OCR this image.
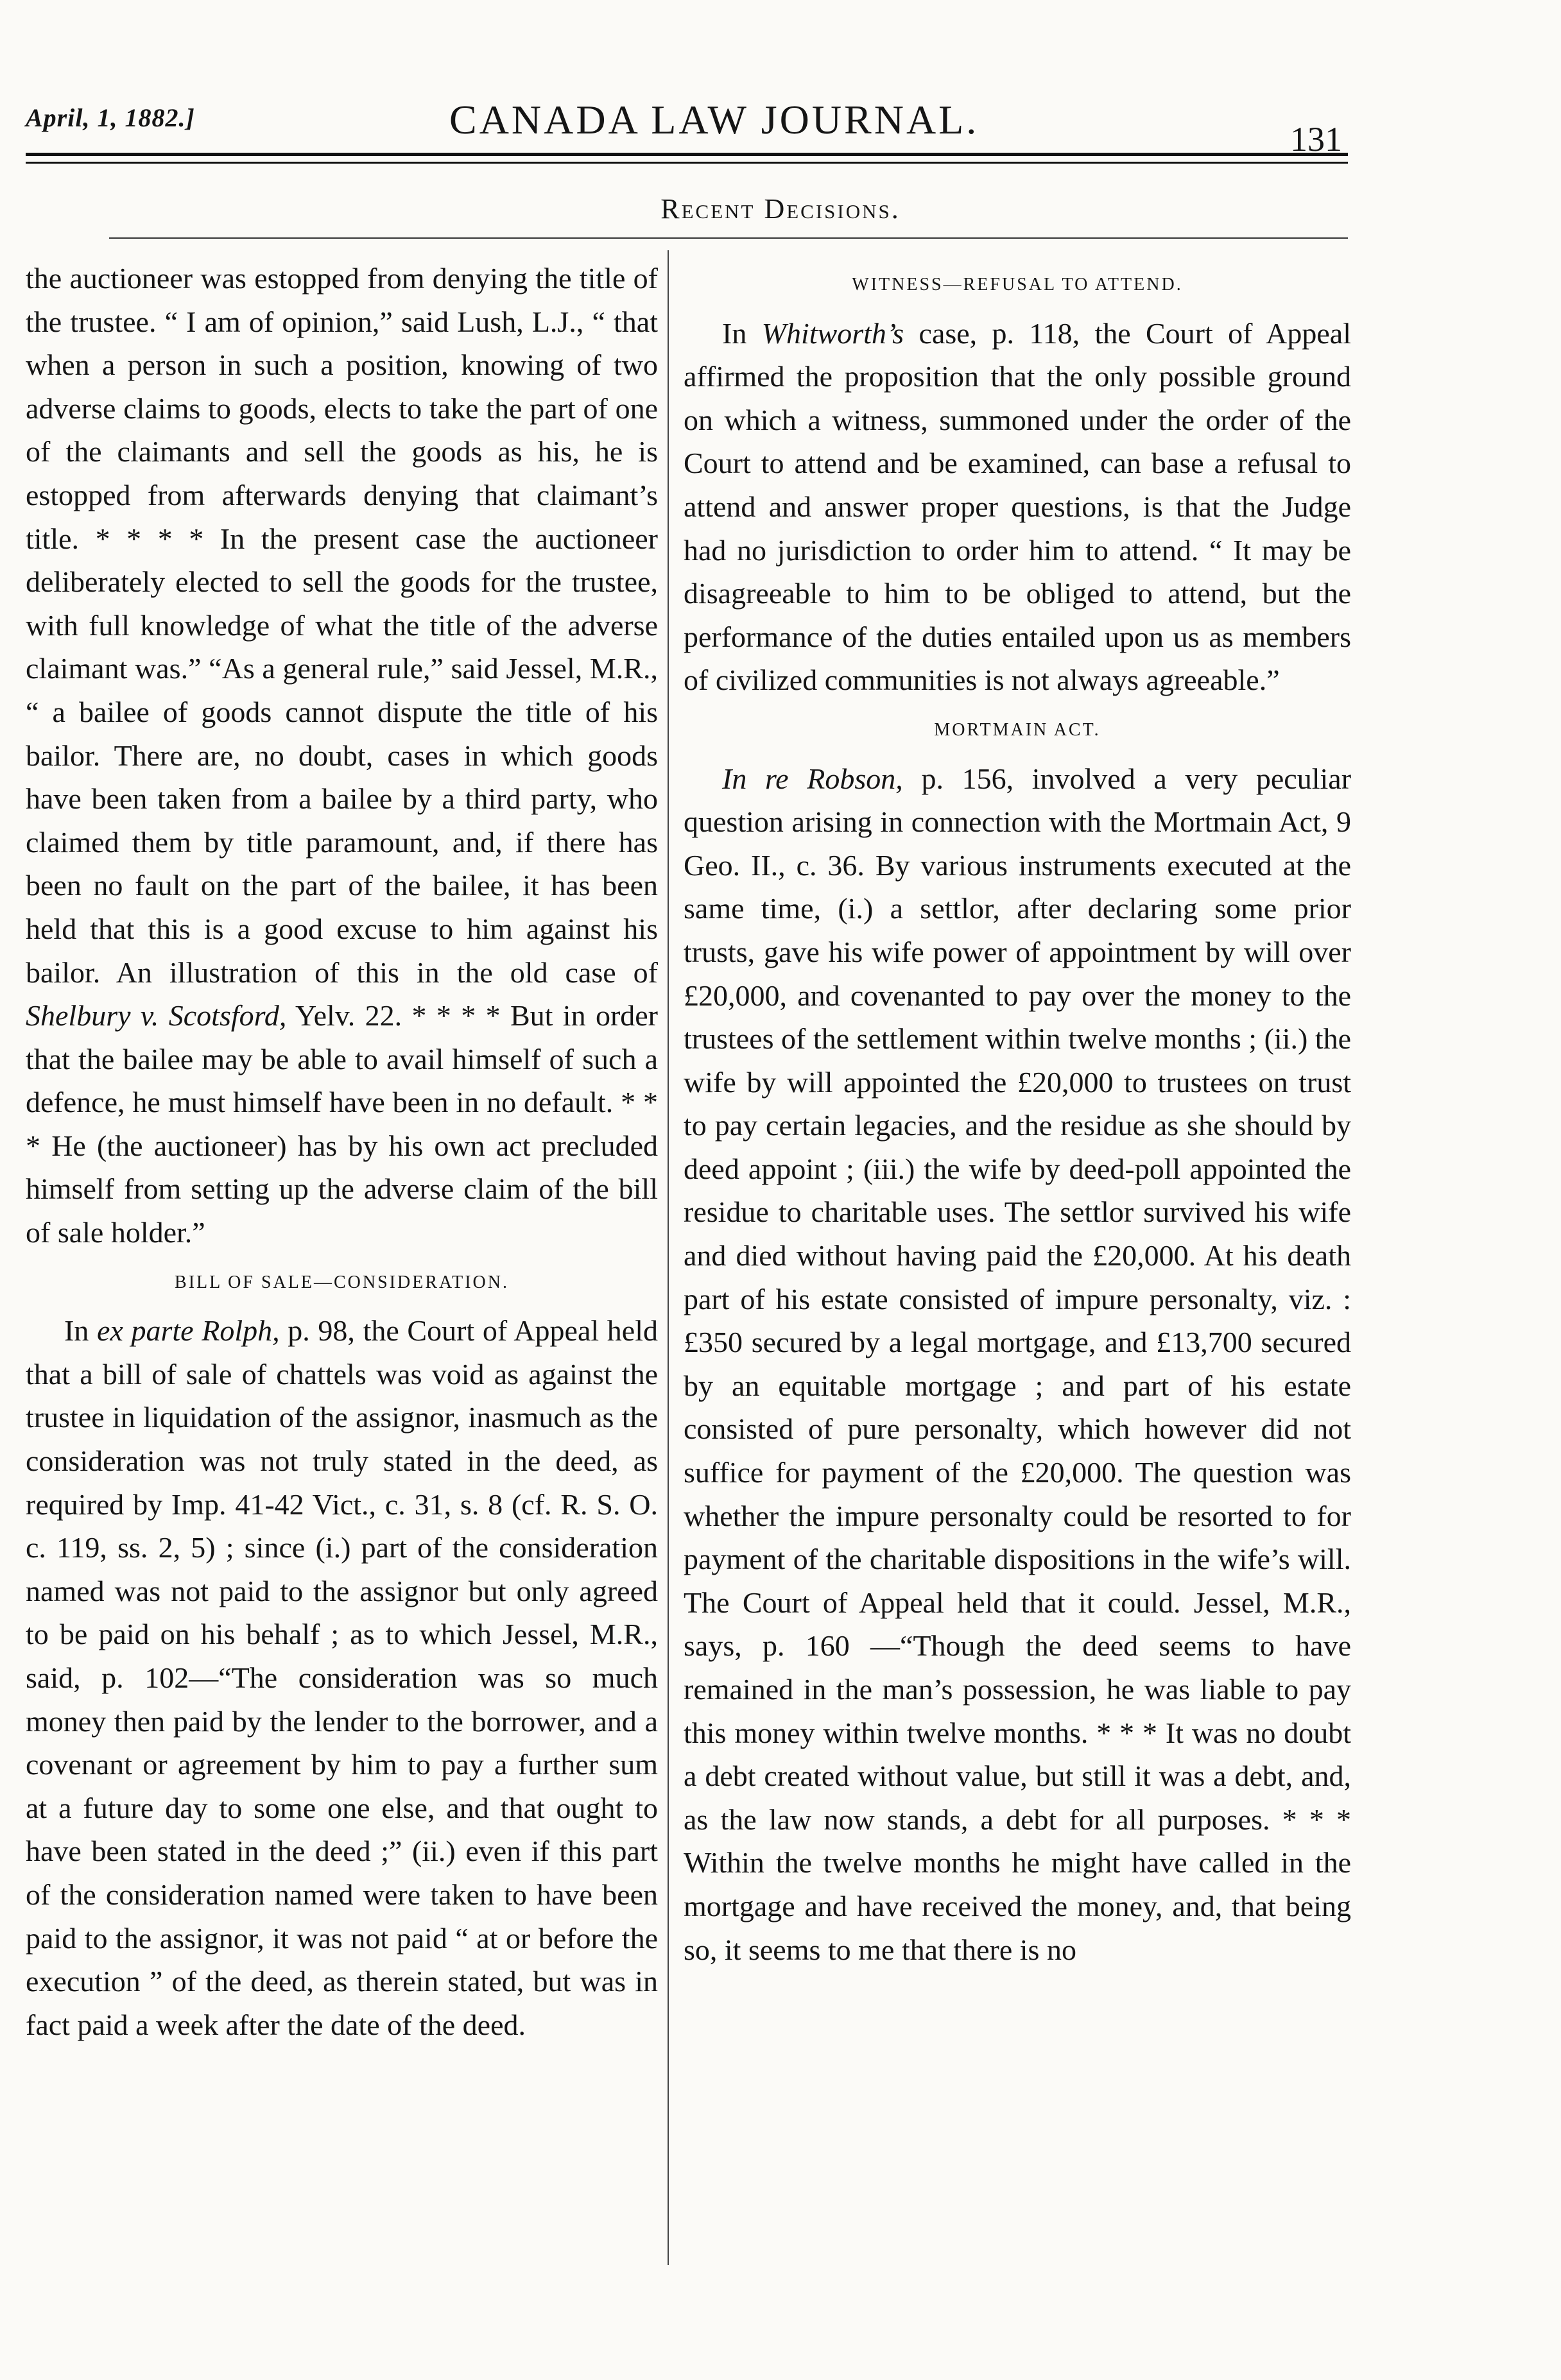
April, 1, 1882.]	CANADA LAW JOURNAL.	131
Recent Decisions.

the auctioneer was estopped from denying the title of the trustee. “ I am of opinion,” said Lush, L.J., “ that when a person in such a position, knowing of two adverse claims to goods, elects to take the part of one of the claimants and sell the goods as his, he is estopped from afterwards denying that claimant’s title. * * * * In the present case the auctioneer deliberately elected to sell the goods for the trustee, with full knowledge of what the title of the adverse claimant was.” “As a general rule,” said Jessel, M.R., “ a bailee of goods cannot dispute the title of his bailor. There are, no doubt, cases in which goods have been taken from a bailee by a third party, who claimed them by title paramount, and, if there has been no fault on the part of the bailee, it has been held that this is a good excuse to him against his bailor. An illustration of this in the old case of Shelbury v. Scotsford, Yelv. 22. * * * * But in order that the bailee may be able to avail himself of such a defence, he must himself have been in no default. * * * He (the auctioneer) has by his own act precluded himself from setting up the adverse claim of the bill of sale holder.”

BILL OF SALE—CONSIDERATION.

In ex parte Rolph, p. 98, the Court of Appeal held that a bill of sale of chattels was void as against the trustee in liquidation of the assignor, inasmuch as the consideration was not truly stated in the deed, as required by Imp. 41-42 Vict., c. 31, s. 8 (cf. R. S. O. c. 119, ss. 2, 5) ; since (i.) part of the consideration named was not paid to the assignor but only agreed to be paid on his behalf ; as to which Jessel, M.R., said, p. 102—“The consideration was so much money then paid by the lender to the borrower, and a covenant or agreement by him to pay a further sum at a future day to some one else, and that ought to have been stated in the deed ;” (ii.) even if this part of the consideration named were taken to have been paid to the assignor, it was not paid “ at or before the execution ” of the deed, as therein stated, but was in fact paid a week after the date of the deed.

WITNESS—REFUSAL TO ATTEND.

In Whitworth’s case, p. 118, the Court of Appeal affirmed the proposition that the only possible ground on which a witness, summoned under the order of the Court to attend and be examined, can base a refusal to attend and answer proper questions, is that the Judge had no jurisdiction to order him to attend. “ It may be disagreeable to him to be obliged to attend, but the performance of the duties entailed upon us as members of civilized communities is not always agreeable.”

MORTMAIN ACT.

In re Robson, p. 156, involved a very peculiar question arising in connection with the Mortmain Act, 9 Geo. II., c. 36. By various instruments executed at the same time, (i.) a settlor, after declaring some prior trusts, gave his wife power of appointment by will over £20,000, and covenanted to pay over the money to the trustees of the settlement within twelve months ; (ii.) the wife by will appointed the £20,000 to trustees on trust to pay certain legacies, and the residue as she should by deed appoint ; (iii.) the wife by deed-poll appointed the residue to charitable uses. The settlor survived his wife and died without having paid the £20,000. At his death part of his estate consisted of impure personalty, viz. : £350 secured by a legal mortgage, and £13,700 secured by an equitable mortgage ; and part of his estate consisted of pure personalty, which however did not suffice for payment of the £20,000. The question was whether the impure personalty could be resorted to for payment of the charitable dispositions in the wife’s will. The Court of Appeal held that it could. Jessel, M.R., says, p. 160 —“Though the deed seems to have remained in the man’s possession, he was liable to pay this money within twelve months. * * * It was no doubt a debt created without value, but still it was a debt, and, as the law now stands, a debt for all purposes. * * * Within the twelve months he might have called in the mortgage and have received the money, and, that being so, it seems to me that there is no
